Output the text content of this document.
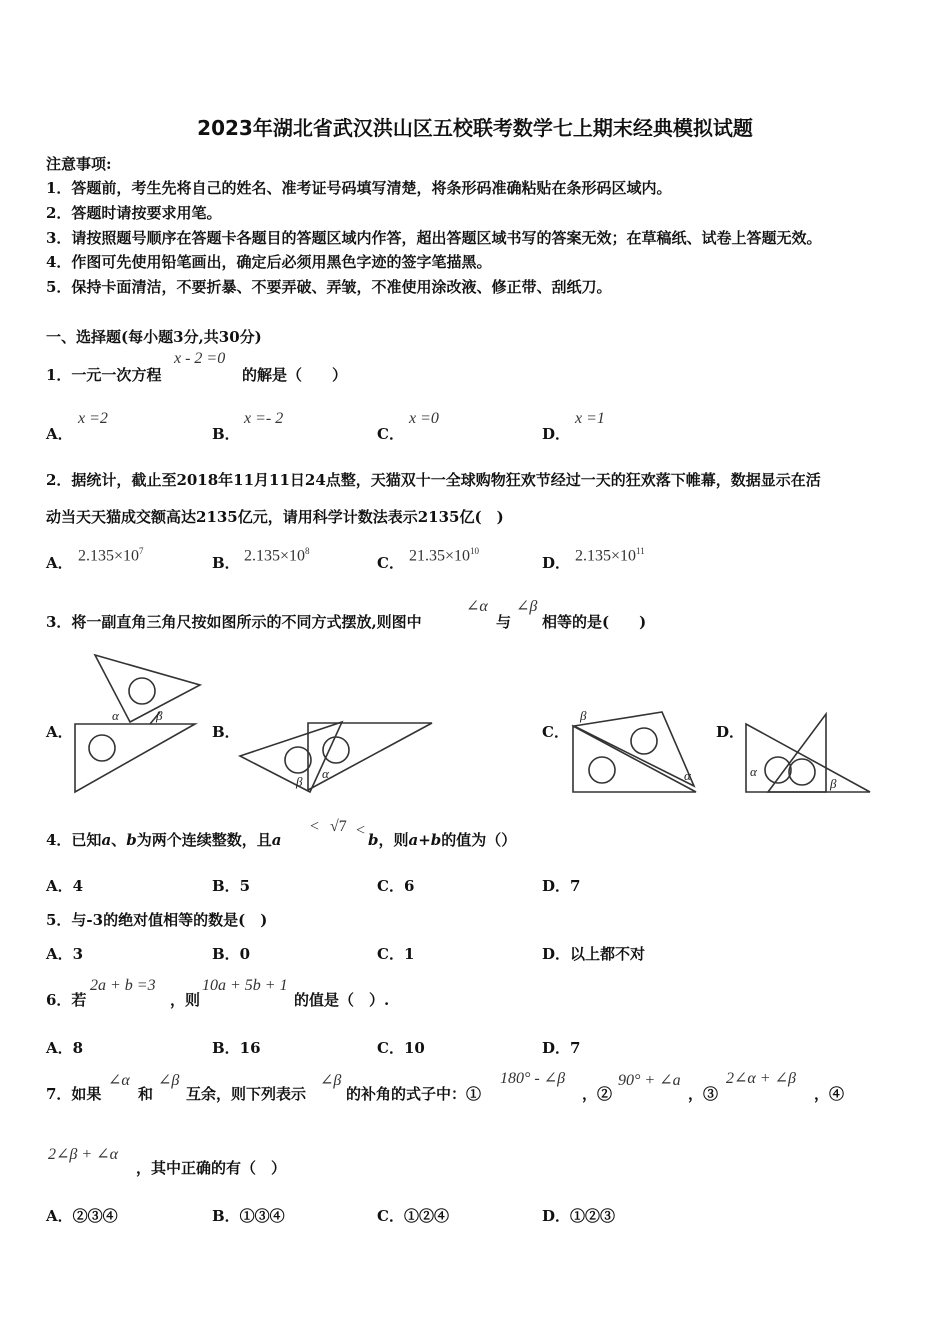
2023年湖北省武汉洪山区五校联考数学七上期末经典模拟试题
注意事项:
1．答题前，考生先将自己的姓名、准考证号码填写清楚，将条形码准确粘贴在条形码区域内。
2．答题时请按要求用笔。
3．请按照题号顺序在答题卡各题目的答题区域内作答，超出答题区域书写的答案无效；在草稿纸、试卷上答题无效。
4．作图可先使用铅笔画出，确定后必须用黑色字迹的签字笔描黑。
5．保持卡面清洁，不要折暴、不要弄破、弄皱，不准使用涂改液、修正带、刮纸刀。
一、选择题(每小题3分,共30分)
1．一元一次方程
x - 2 =0
的解是（　　）
A．
x =2
B．
x =- 2
C．
x =0
D．
x =1
2．据统计，截止至2018年11月11日24点整，天猫双十一全球购物狂欢节经过一天的狂欢落下帷幕，数据显示在活
动当天天猫成交额高达2135亿元，请用科学计数法表示2135亿(　)
A． $2.135\times 10^7$
B． $2.135\times 10^8$
C． $21.35\times 10^{10}$
D． $2.135\times 10^{11}$
3．将一副直角三角尺按如图所示的不同方式摆放,则图中
∠α
与
∠β
相等的是(　　)
A．	B．	C．	D．
α	β
β
α
β
α	α
β
4．已知a、b为两个连续整数，且a
< √7 <
b，则a+b的值为（）
A．4	B．5	C．6	D．7
5．与-3的绝对值相等的数是(　)
A．3	B．0	C．1	D．以上都不对
6．若
2a + b =3
，则
10a + 5b + 1
的值是（　）.
A．8	B．16	C．10	D．7
7．如果
∠α
和
∠β
互余，则下列表示
∠β
的补角的式子中：①
180° - ∠β
，②
90° + ∠a
，③
2∠α + ∠β
，④
2∠β + ∠α
，其中正确的有（　）
A．②③④	B．①③④	C．①②④	D．①②③
